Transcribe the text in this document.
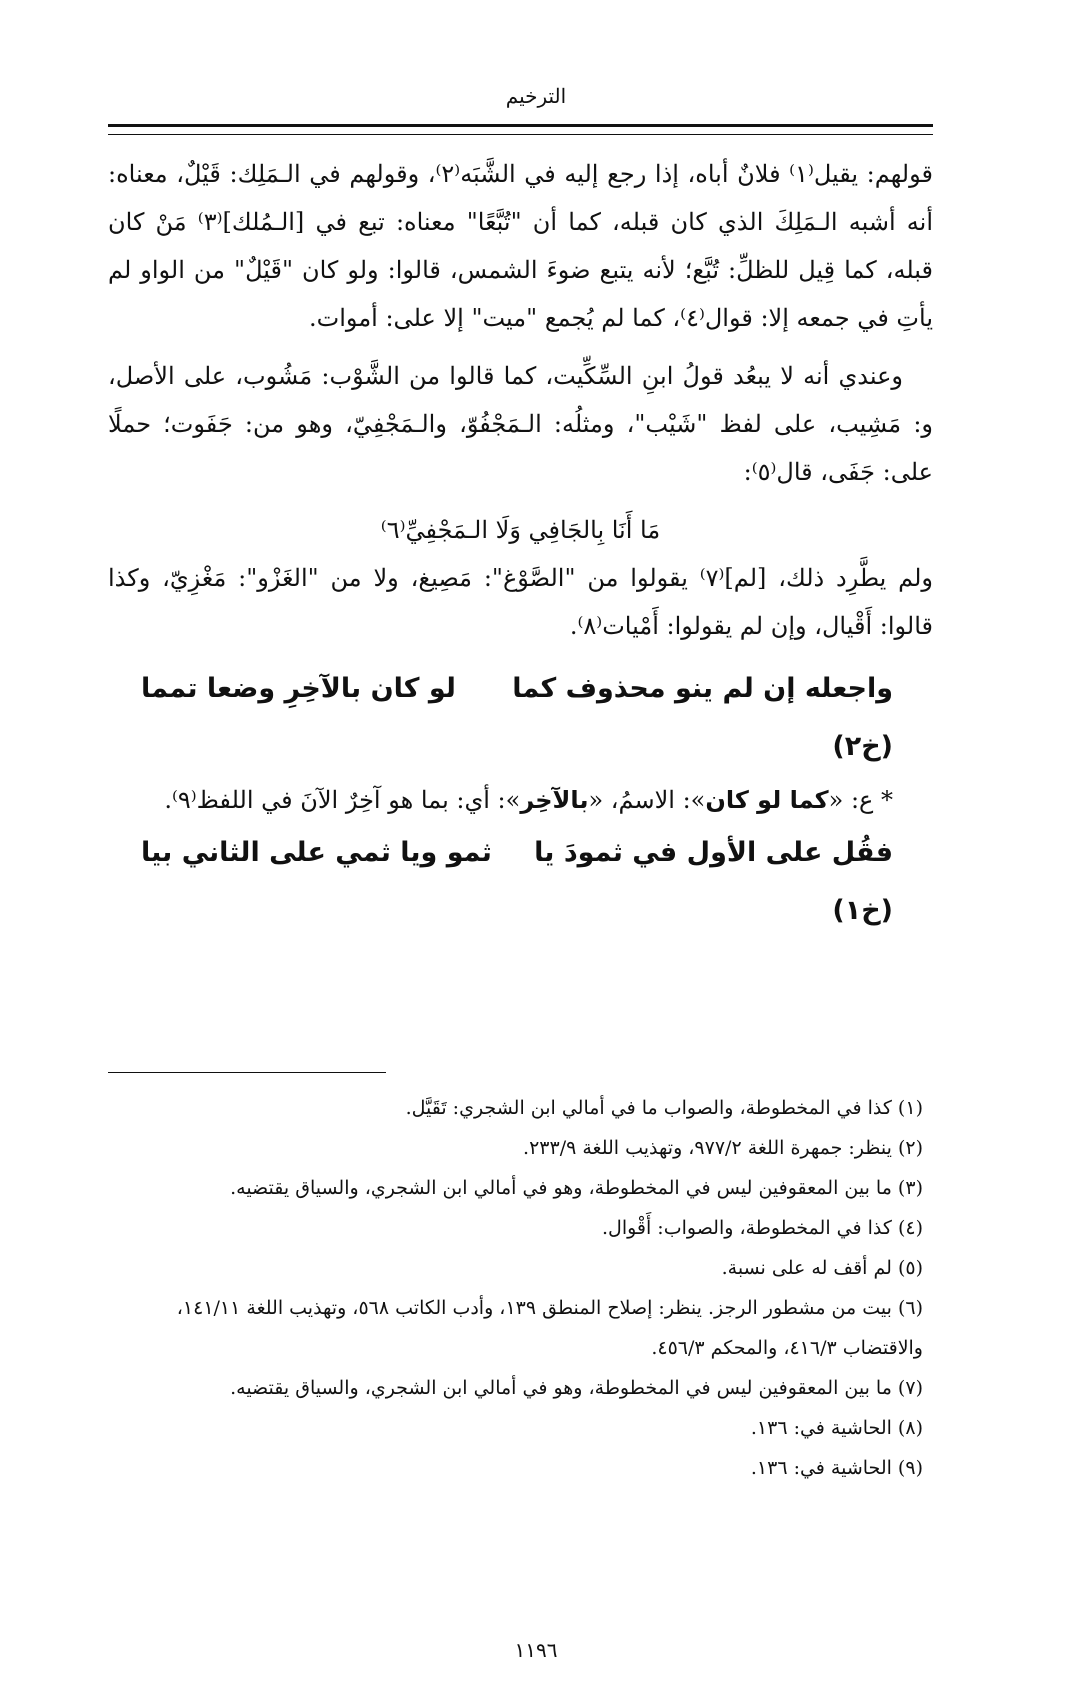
الترخيم

قولهم: يقيل⁽١⁾ فلانٌ أباه، إذا رجع إليه في الشَّبَه⁽٢⁾، وقولهم في الـمَلِك: قَيْلٌ، معناه: أنه أشبه الـمَلِكَ الذي كان قبله، كما أن "تُبَّعًا" معناه: تبع في [الـمُلك]⁽٣⁾ مَنْ كان قبله، كما قِيل للظلِّ: تُبَّع؛ لأنه يتبع ضوءَ الشمس، قالوا: ولو كان "قَيْلٌ" من الواو لم يأتِ في جمعه إلا: قوال⁽٤⁾، كما لم يُجمع "ميت" إلا على: أموات.

وعندي أنه لا يبعُد قولُ ابنِ السِّكِّيت، كما قالوا من الشَّوْب: مَشُوب، على الأصل، و: مَشِيب، على لفظ "شَيْب"، ومثلُه: الـمَجْفُوّ، والـمَجْفِيّ، وهو من: جَفَوت؛ حملًا على: جَفَى، قال⁽٥⁾:

مَا أَنَا بِالجَافِي وَلَا الـمَجْفِيِّ⁽٦⁾

ولم يطَّرِد ذلك، [لم]⁽٧⁾ يقولوا من "الصَّوْغ": مَصِيغ، ولا من "الغَزْو": مَغْزِيّ، وكذا قالوا: أَقْيال، وإن لم يقولوا: أَمْيات⁽٨⁾.

واجعله إن لم ينو محذوف كما
لو كان بالآخِرِ وضعا تمما
(خ٢)

* ع: «كما لو كان»: الاسمُ، «بالآخِر»: أي: بما هو آخِرٌ الآنَ في اللفظ⁽٩⁾.

فقُل على الأول في ثمودَ يا
ثمو ويا ثمي على الثاني بيا
(خ١)

(١) كذا في المخطوطة، والصواب ما في أمالي ابن الشجري: تَقَيَّل.

(٢) ينظر: جمهرة اللغة ٩٧٧/٢، وتهذيب اللغة ٢٣٣/٩.

(٣) ما بين المعقوفين ليس في المخطوطة، وهو في أمالي ابن الشجري، والسياق يقتضيه.

(٤) كذا في المخطوطة، والصواب: أَقْوال.

(٥) لم أقف له على نسبة.

(٦) بيت من مشطور الرجز. ينظر: إصلاح المنطق ١٣٩، وأدب الكاتب ٥٦٨، وتهذيب اللغة ١٤١/١١، والاقتضاب ٤١٦/٣، والمحكم ٤٥٦/٣.

(٧) ما بين المعقوفين ليس في المخطوطة، وهو في أمالي ابن الشجري، والسياق يقتضيه.

(٨) الحاشية في: ١٣٦.

(٩) الحاشية في: ١٣٦.

١١٩٦
